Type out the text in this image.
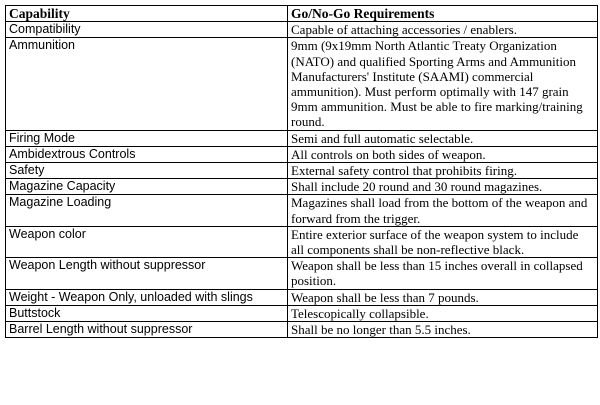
Capability	Go/No-Go Requirements
Compatibility	Capable of attaching accessories / enablers.
Ammunition	9mm (9x19mm North Atlantic Treaty Organization (NATO) and qualified Sporting Arms and Ammunition Manufacturers' Institute (SAAMI) commercial ammunition). Must perform optimally with 147 grain 9mm ammunition. Must be able to fire marking/training round.
Firing Mode	Semi and full automatic selectable.
Ambidextrous Controls	All controls on both sides of weapon.
Safety	External safety control that prohibits firing.
Magazine Capacity	Shall include 20 round and 30 round magazines.
Magazine Loading	Magazines shall load from the bottom of the weapon and forward from the trigger.
Weapon color	Entire exterior surface of the weapon system to include all components shall be non-reflective black.
Weapon Length without suppressor	Weapon shall be less than 15 inches overall in collapsed position.
Weight - Weapon Only, unloaded with slings	Weapon shall be less than 7 pounds.
Buttstock	Telescopically collapsible.
Barrel Length without suppressor	Shall be no longer than 5.5 inches.
